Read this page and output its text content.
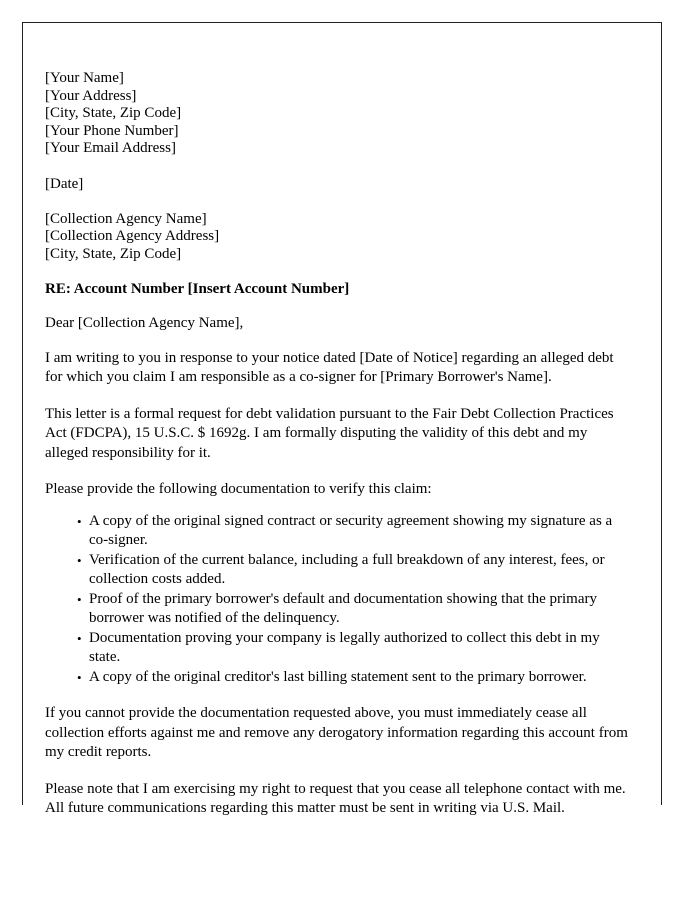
[Your Name]
[Your Address]
[City, State, Zip Code]
[Your Phone Number]
[Your Email Address]
[Date]
[Collection Agency Name]
[Collection Agency Address]
[City, State, Zip Code]
RE: Account Number [Insert Account Number]
Dear [Collection Agency Name],

I am writing to you in response to your notice dated [Date of Notice] regarding an alleged debt for which you claim I am responsible as a co-signer for [Primary Borrower's Name].

This letter is a formal request for debt validation pursuant to the Fair Debt Collection Practices Act (FDCPA), 15 U.S.C. $ 1692g. I am formally disputing the validity of this debt and my alleged responsibility for it.

Please provide the following documentation to verify this claim:

• A copy of the original signed contract or security agreement showing my signature as a co-signer.
• Verification of the current balance, including a full breakdown of any interest, fees, or collection costs added.
• Proof of the primary borrower's default and documentation showing that the primary borrower was notified of the delinquency.
• Documentation proving your company is legally authorized to collect this debt in my state.
• A copy of the original creditor's last billing statement sent to the primary borrower.

If you cannot provide the documentation requested above, you must immediately cease all collection efforts against me and remove any derogatory information regarding this account from my credit reports.

Please note that I am exercising my right to request that you cease all telephone contact with me. All future communications regarding this matter must be sent in writing via U.S. Mail.
